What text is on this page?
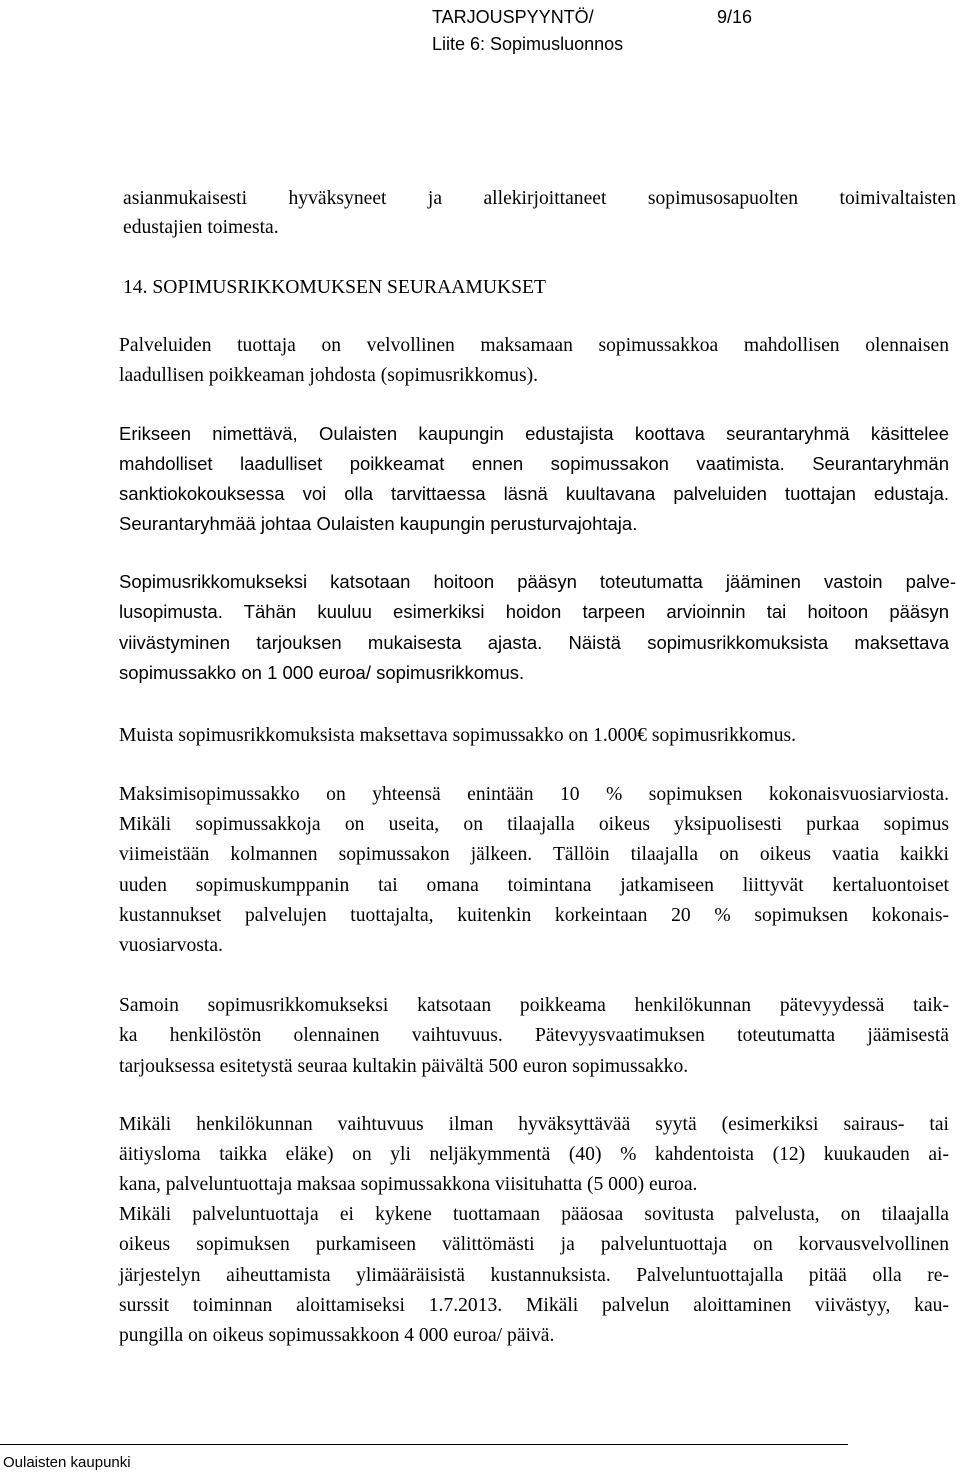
TARJOUSPYYNTÖ/	9/16
Liite 6: Sopimusluonnos
asianmukaisesti hyväksyneet ja allekirjoittaneet sopimusosapuolten toimivaltaisten
edustajien toimesta.
14. SOPIMUSRIKKOMUKSEN SEURAAMUKSET
Palveluiden tuottaja on velvollinen maksamaan sopimussakkoa mahdollisen olennaisen
laadullisen poikkeaman johdosta (sopimusrikkomus).
Erikseen nimettävä, Oulaisten kaupungin edustajista koottava seurantaryhmä käsittelee
mahdolliset laadulliset poikkeamat ennen sopimussakon vaatimista. Seurantaryhmän
sanktiokokouksessa voi olla tarvittaessa läsnä kuultavana palveluiden tuottajan edustaja.
Seurantaryhmää johtaa Oulaisten kaupungin perusturvajohtaja.
Sopimusrikkomukseksi katsotaan hoitoon pääsyn toteutumatta jääminen vastoin palve-
lusopimusta. Tähän kuuluu esimerkiksi hoidon tarpeen arvioinnin tai hoitoon pääsyn
viivästyminen tarjouksen mukaisesta ajasta. Näistä sopimusrikkomuksista maksettava
sopimussakko on 1 000 euroa/ sopimusrikkomus.
Muista sopimusrikkomuksista maksettava sopimussakko on 1.000€ sopimusrikkomus.
Maksimisopimussakko on yhteensä enintään 10 % sopimuksen kokonaisvuosiarviosta.
Mikäli sopimussakkoja on useita, on tilaajalla oikeus yksipuolisesti purkaa sopimus
viimeistään kolmannen sopimussakon jälkeen. Tällöin tilaajalla on oikeus vaatia kaikki
uuden sopimuskumppanin tai omana toimintana jatkamiseen liittyvät kertaluontoiset
kustannukset palvelujen tuottajalta, kuitenkin korkeintaan 20 % sopimuksen kokonais-
vuosiarvosta.
Samoin sopimusrikkomukseksi katsotaan poikkeama henkilökunnan pätevyydessä taik-
ka henkilöstön olennainen vaihtuvuus. Pätevyysvaatimuksen toteutumatta jäämisestä
tarjouksessa esitetystä seuraa kultakin päivältä 500 euron sopimussakko.
Mikäli henkilökunnan vaihtuvuus ilman hyväksyttävää syytä (esimerkiksi sairaus- tai
äitiysloma taikka eläke) on yli neljäkymmentä (40) % kahdentoista (12) kuukauden ai-
kana, palveluntuottaja maksaa sopimussakkona viisituhatta (5 000) euroa.
Mikäli palveluntuottaja ei kykene tuottamaan pääosaa sovitusta palvelusta, on tilaajalla
oikeus sopimuksen purkamiseen välittömästi ja palveluntuottaja on korvausvelvollinen
järjestelyn aiheuttamista ylimääräisistä kustannuksista. Palveluntuottajalla pitää olla re-
surssit toiminnan aloittamiseksi 1.7.2013. Mikäli palvelun aloittaminen viivästyy, kau-
pungilla on oikeus sopimussakkoon 4 000 euroa/ päivä.
Oulaisten kaupunki
